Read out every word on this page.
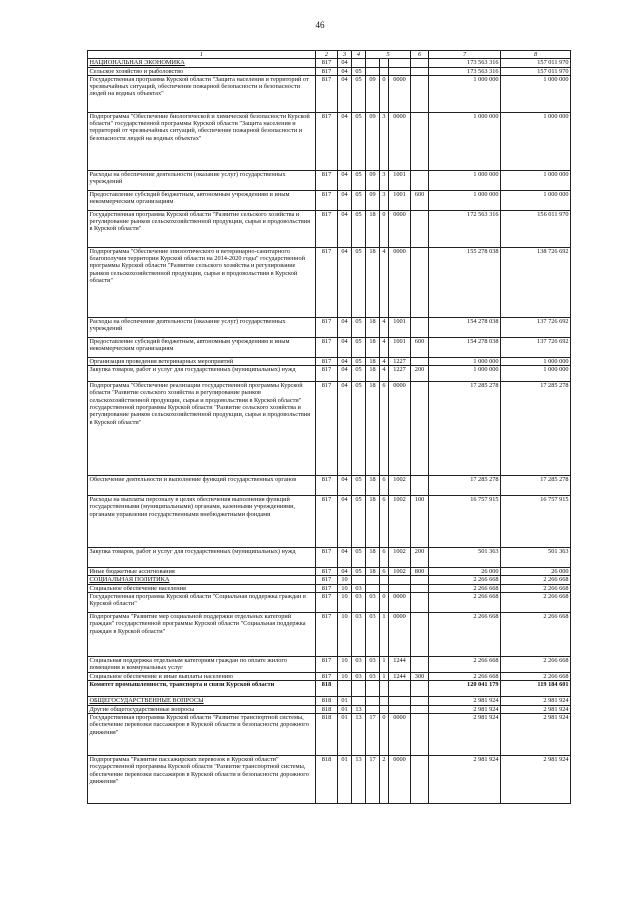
46
1	2	3	4	5			6	7	8
НАЦИОНАЛЬНАЯ ЭКОНОМИКА	817	04						173 563 316	157 011 970
Сельское хозяйство и рыболовство	817	04	05					173 563 316	157 011 970
Государственная программа Курской области "Защита населения и территорий от чрезвычайных ситуаций, обеспечение пожарной безопасности и безопасности людей на водных объектах"	817	04	05	09	0	0000		1 000 000	1 000 000
Подпрограмма "Обеспечение биологической и химической безопасности Курской области" государственной программы Курской области "Защита населения и территорий от чрезвычайных ситуаций, обеспечение пожарной безопасности и безопасности людей на водных объектах"	817	04	05	09	3	0000		1 000 000	1 000 000
Расходы на обеспечение деятельности (оказание услуг) государственных учреждений	817	04	05	09	3	1001		1 000 000	1 000 000
Предоставление субсидий бюджетным, автономным учреждениям и иным некоммерческим организациям	817	04	05	09	3	1001	600	1 000 000	1 000 000
Государственная программа Курской области "Развитие сельского хозяйства и регулирование рынков сельскохозяйственной продукции, сырья и продовольствия в Курской области"	817	04	05	18	0	0000		172 563 316	156 011 970
Подпрограмма "Обеспечение эпизоотического и ветеринарно-санитарного благополучия территории Курской области на 2014-2020 годы" государственной программы Курской области "Развитие сельского хозяйства и регулирование рынков сельскохозяйственной продукции, сырья и продовольствия в Курской области"	817	04	05	18	4	0000		155 278 038	138 726 692
Расходы на обеспечение деятельности (оказание услуг) государственных учреждений	817	04	05	18	4	1001		154 278 038	137 726 692
Предоставление субсидий бюджетным, автономным учреждениям и иным некоммерческим организациям	817	04	05	18	4	1001	600	154 278 038	137 726 692
Организация проведения ветеринарных мероприятий	817	04	05	18	4	1227		1 000 000	1 000 000
Закупка товаров, работ и услуг для государственных (муниципальных) нужд	817	04	05	18	4	1227	200	1 000 000	1 000 000
Подпрограмма "Обеспечение реализации государственной программы Курской области "Развитие сельского хозяйства и регулирование рынков сельскохозяйственной продукции, сырья и продовольствия в Курской области" государственной программы Курской области "Развитие сельского хозяйства и регулирование рынков сельскохозяйственной продукции, сырья и продовольствия в Курской области"	817	04	05	18	6	0000		17 285 278	17 285 278
Обеспечение деятельности и выполнение функций государственных органов	817	04	05	18	6	1002		17 285 278	17 285 278
Расходы на выплаты персоналу в целях обеспечения выполнения функций государственными (муниципальными) органами, казенными учреждениями, органами управления государственными внебюджетными фондами	817	04	05	18	6	1002	100	16 757 915	16 757 915
Закупка товаров, работ и услуг для государственных (муниципальных) нужд	817	04	05	18	6	1002	200	501 363	501 363
Иные бюджетные ассигнования	817	04	05	18	6	1002	800	26 000	26 000
СОЦИАЛЬНАЯ ПОЛИТИКА	817	10						2 266 668	2 266 668
Социальное обеспечение населения	817	10	03					2 266 668	2 266 668
Государственная программа Курской области "Социальная поддержка граждан в Курской области"	817	10	03	03	0	0000		2 266 668	2 266 668
Подпрограмма "Развитие мер социальной поддержки отдельных категорий граждан" государственной программы Курской области "Социальная поддержка граждан в Курской области"	817	10	03	03	1	0000		2 266 668	2 266 668
Социальная поддержка отдельным категориям граждан по оплате жилого помещения и коммунальных услуг	817	10	03	03	1	1244		2 266 668	2 266 668
Социальное обеспечение и иные выплаты населению	817	10	03	03	1	1244	300	2 266 668	2 266 668
Комитет промышленности, транспорта и связи Курской области	818							120 041 179	119 184 601
ОБЩЕГОСУДАРСТВЕННЫЕ ВОПРОСЫ	818	01						2 981 924	2 981 924
Другие общегосударственные вопросы	818	01	13					2 981 924	2 981 924
Государственная программа Курской области "Развитие транспортной системы, обеспечение перевозки пассажиров в Курской области и безопасности дорожного движения"	818	01	13	17	0	0000		2 981 924	2 981 924
Подпрограмма "Развитие пассажирских перевозок в Курской области" государственной программы Курской области "Развитие транспортной системы, обеспечение перевозки пассажиров в Курской области и безопасности дорожного движения"	818	01	13	17	2	0000		2 981 924	2 981 924
